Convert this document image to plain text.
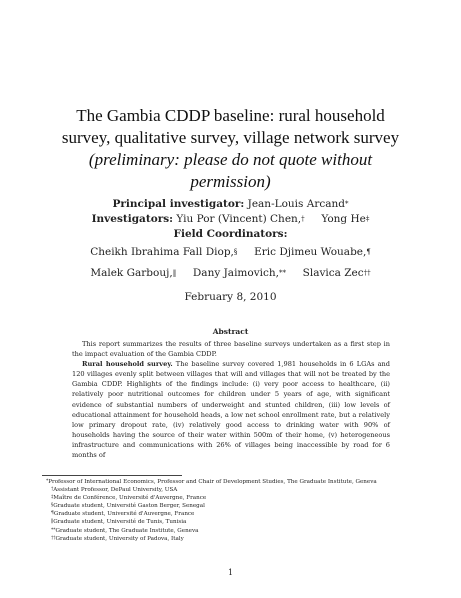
The Gambia CDDP baseline: rural household
survey, qualitative survey, village network survey
(preliminary: please do not quote without
permission)
Principal investigator: Jean-Louis Arcand*
Investigators: Yiu Por (Vincent) Chen,† Yong He‡
Field Coordinators:
Cheikh Ibrahima Fall Diop,§ Eric Djimeu Wouabe,¶
Malek Garbouj,‖ Dany Jaimovich,** Slavica Zec††
February 8, 2010
Abstract

This report summarizes the results of three baseline surveys undertaken as a first step in the impact evaluation of the Gambia CDDP.

Rural household survey. The baseline survey covered 1,981 households in 6 LGAs and 120 villages evenly split between villages that will and villages that will not be treated by the Gambia CDDP. Highlights of the findings include: (i) very poor access to healthcare, (ii) relatively poor nutritional outcomes for children under 5 years of age, with significant evidence of substantial numbers of underweight and stunted children, (iii) low levels of educational attainment for household heads, a low net school enrollment rate, but a relatively low primary dropout rate, (iv) relatively good access to drinking water with 90% of households having the source of their water within 500m of their home, (v) heterogeneous infrastructure and communications with 26% of villages being inaccessible by road for 6 months of

*Professor of International Economics, Professor and Chair of Development Studies, The Graduate Institute, Geneva

†Assistant Professor, DePaul University, USA

‡Maître de Conférence, Université d'Auvergne, France

§Graduate student, Université Gaston Berger, Senegal

¶Graduate student, Université d'Auvergne, France

‖Graduate student, Université de Tunis, Tunisia

**Graduate student, The Graduate Institute, Geneva

††Graduate student, University of Padova, Italy

1
